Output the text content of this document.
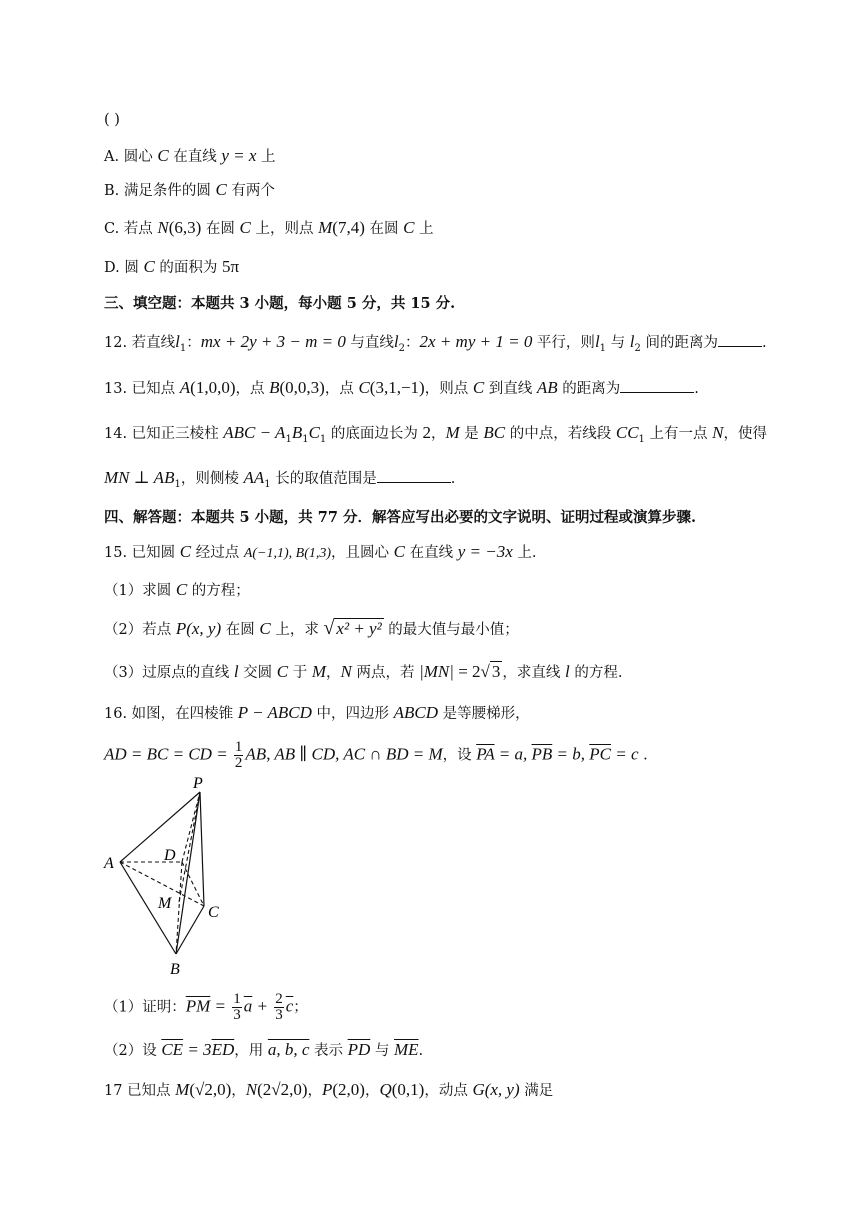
( )
A. 圆心 C 在直线 y = x 上
B. 满足条件的圆 C 有两个
C. 若点 N(6,3) 在圆 C 上，则点 M(7,4) 在圆 C 上
D. 圆 C 的面积为 5π
三、填空题：本题共 3 小题，每小题 5 分，共 15 分.
12. 若直线$l_1$：mx + 2y + 3 − m = 0 与直线$l_2$：2x + my + 1 = 0 平行，则$l_1$ 与 $l_2$ 间的距离为	.
13. 已知点 A(1,0,0)，点 B(0,0,3)，点 C(3,1,−1)，则点 C 到直线 AB 的距离为	.
14. 已知正三棱柱 ABC − $A_1B_1C_1$ 的底面边长为 2，M 是 BC 的中点，若线段 $CC_1$ 上有一点 N，使得
MN ⊥ $AB_1$，则侧棱 $AA_1$ 长的取值范围是	.
四、解答题：本题共 5 小题，共 77 分．解答应写出必要的文字说明、证明过程或演算步骤.
15. 已知圆 C 经过点 A(−1,1), B(1,3)，且圆心 C 在直线 y = −3x 上.
（1）求圆 C 的方程；
（2）若点 P(x, y) 在圆 C 上，求 √ x² + y² 的最大值与最小值；
（3）过原点的直线 l 交圆 C 于 M，N 两点，若 |MN| = 2√ 3 ，求直线 l 的方程.
16. 如图，在四棱锥 P − ABCD 中，四边形 ABCD 是等腰梯形，
AD = BC = CD = $\frac{1}{2}$ AB, AB ∥ CD, AC ∩ BD = M，设 $\overline{PA} = a$, $\overline{PB} = b$, $\overline{PC} = c$ .
P
A	D
M
C
B
（1）证明：$\overline{PM} = \frac{1}{3} \overline{a} + \frac{2}{3} \overline{c}$；
（2）设 $\overline{CE} = 3\overline{ED}$，用 a, b, c 表示 $\overline{PD}$ 与 $\overline{ME}$.
17 已知点 M(√2,0)，N(2√2,0)，P(2,0)，Q(0,1)，动点 G(x, y) 满足
